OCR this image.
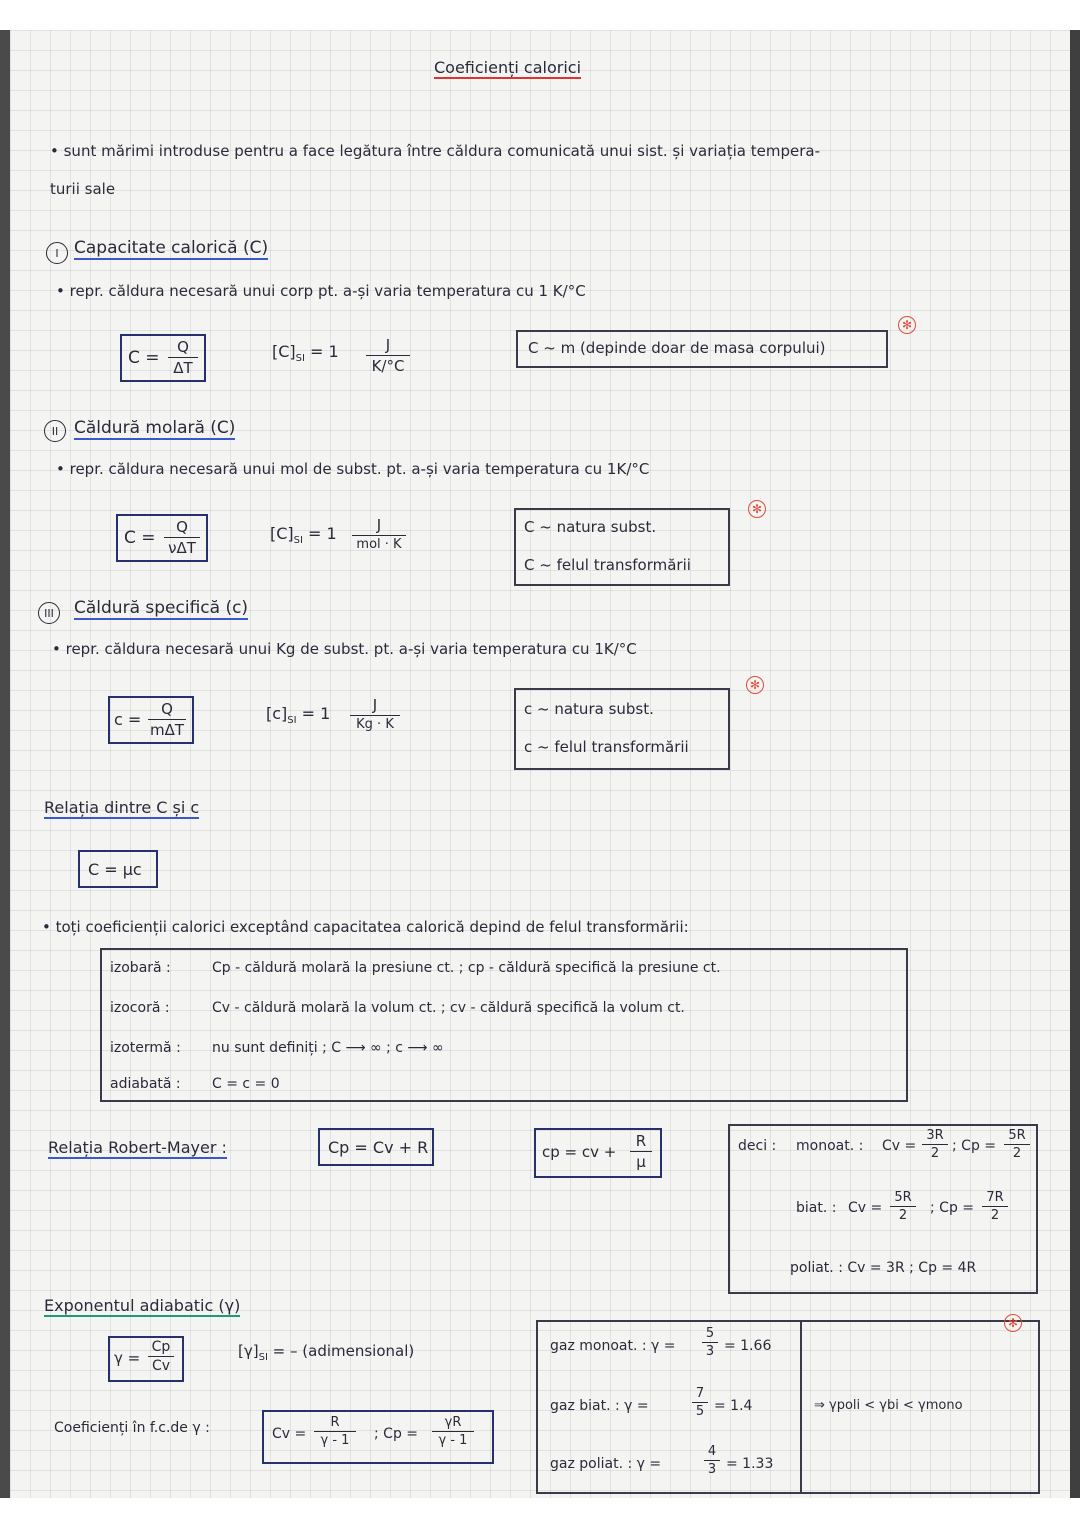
Coeficienți calorici
• sunt mărimi introduse pentru a face legătura între căldura comunicată unui sist. și variația tempera-
turii sale
I Capacitate calorică (C)
• repr. căldura necesară unui corp pt. a-și varia temperatura cu 1 K/°C
C =
Q
ΔT
$[C]_{SI} = 1$	J
K/°C
C ~ m (depinde doar de masa corpului)
✻
II Căldură molară (C)
• repr. căldura necesară unui mol de subst. pt. a-și varia temperatura cu 1K/°C
C =
Q
νΔT
$[C]_{SI} = 1$	J
mol · K
C ~ natura subst.
C ~ felul transformării
✻
III	Căldură specifică (c)
• repr. căldura necesară unui Kg de subst. pt. a-și varia temperatura cu 1K/°C
c =
Q
mΔT
$[c]_{SI} = 1$	J
Kg · K
c ~ natura subst.
c ~ felul transformării
✻
Relația dintre C și c
C = μc
• toți coeficienții calorici exceptând capacitatea calorică depind de felul transformării:
izobară :	Cp - căldură molară la presiune ct. ; cp - căldură specifică la presiune ct.
izocoră :	Cv - căldură molară la volum ct. ; cv - căldură specifică la volum ct.
izotermă : nu sunt definiți ; C ⟶ ∞ ; c ⟶ ∞
adiabată : C = c = 0
Relația Robert-Mayer :	Cp = Cv + R	cp = cv +
R
μ
deci : monoat. : Cv =
3R
2 ; Cp =
5R
2
biat. : Cv =
5R
2 ; Cp =
7R
2
poliat. : Cv = 3R ; Cp = 4R
Exponentul adiabatic (γ)
γ =
Cp
Cv
$[\gamma]_{SI}$ = – (adimensional)
Coeficienți în f.c.de γ :	Cv =
R
γ - 1 ; Cp =
γR
γ - 1
gaz monoat. : γ =
5
3 = 1.66
gaz biat. : γ =
7
5 = 1.4
gaz poliat. : γ =
4
3 = 1.33
⇒ γpoli < γbi < γmono
✻
